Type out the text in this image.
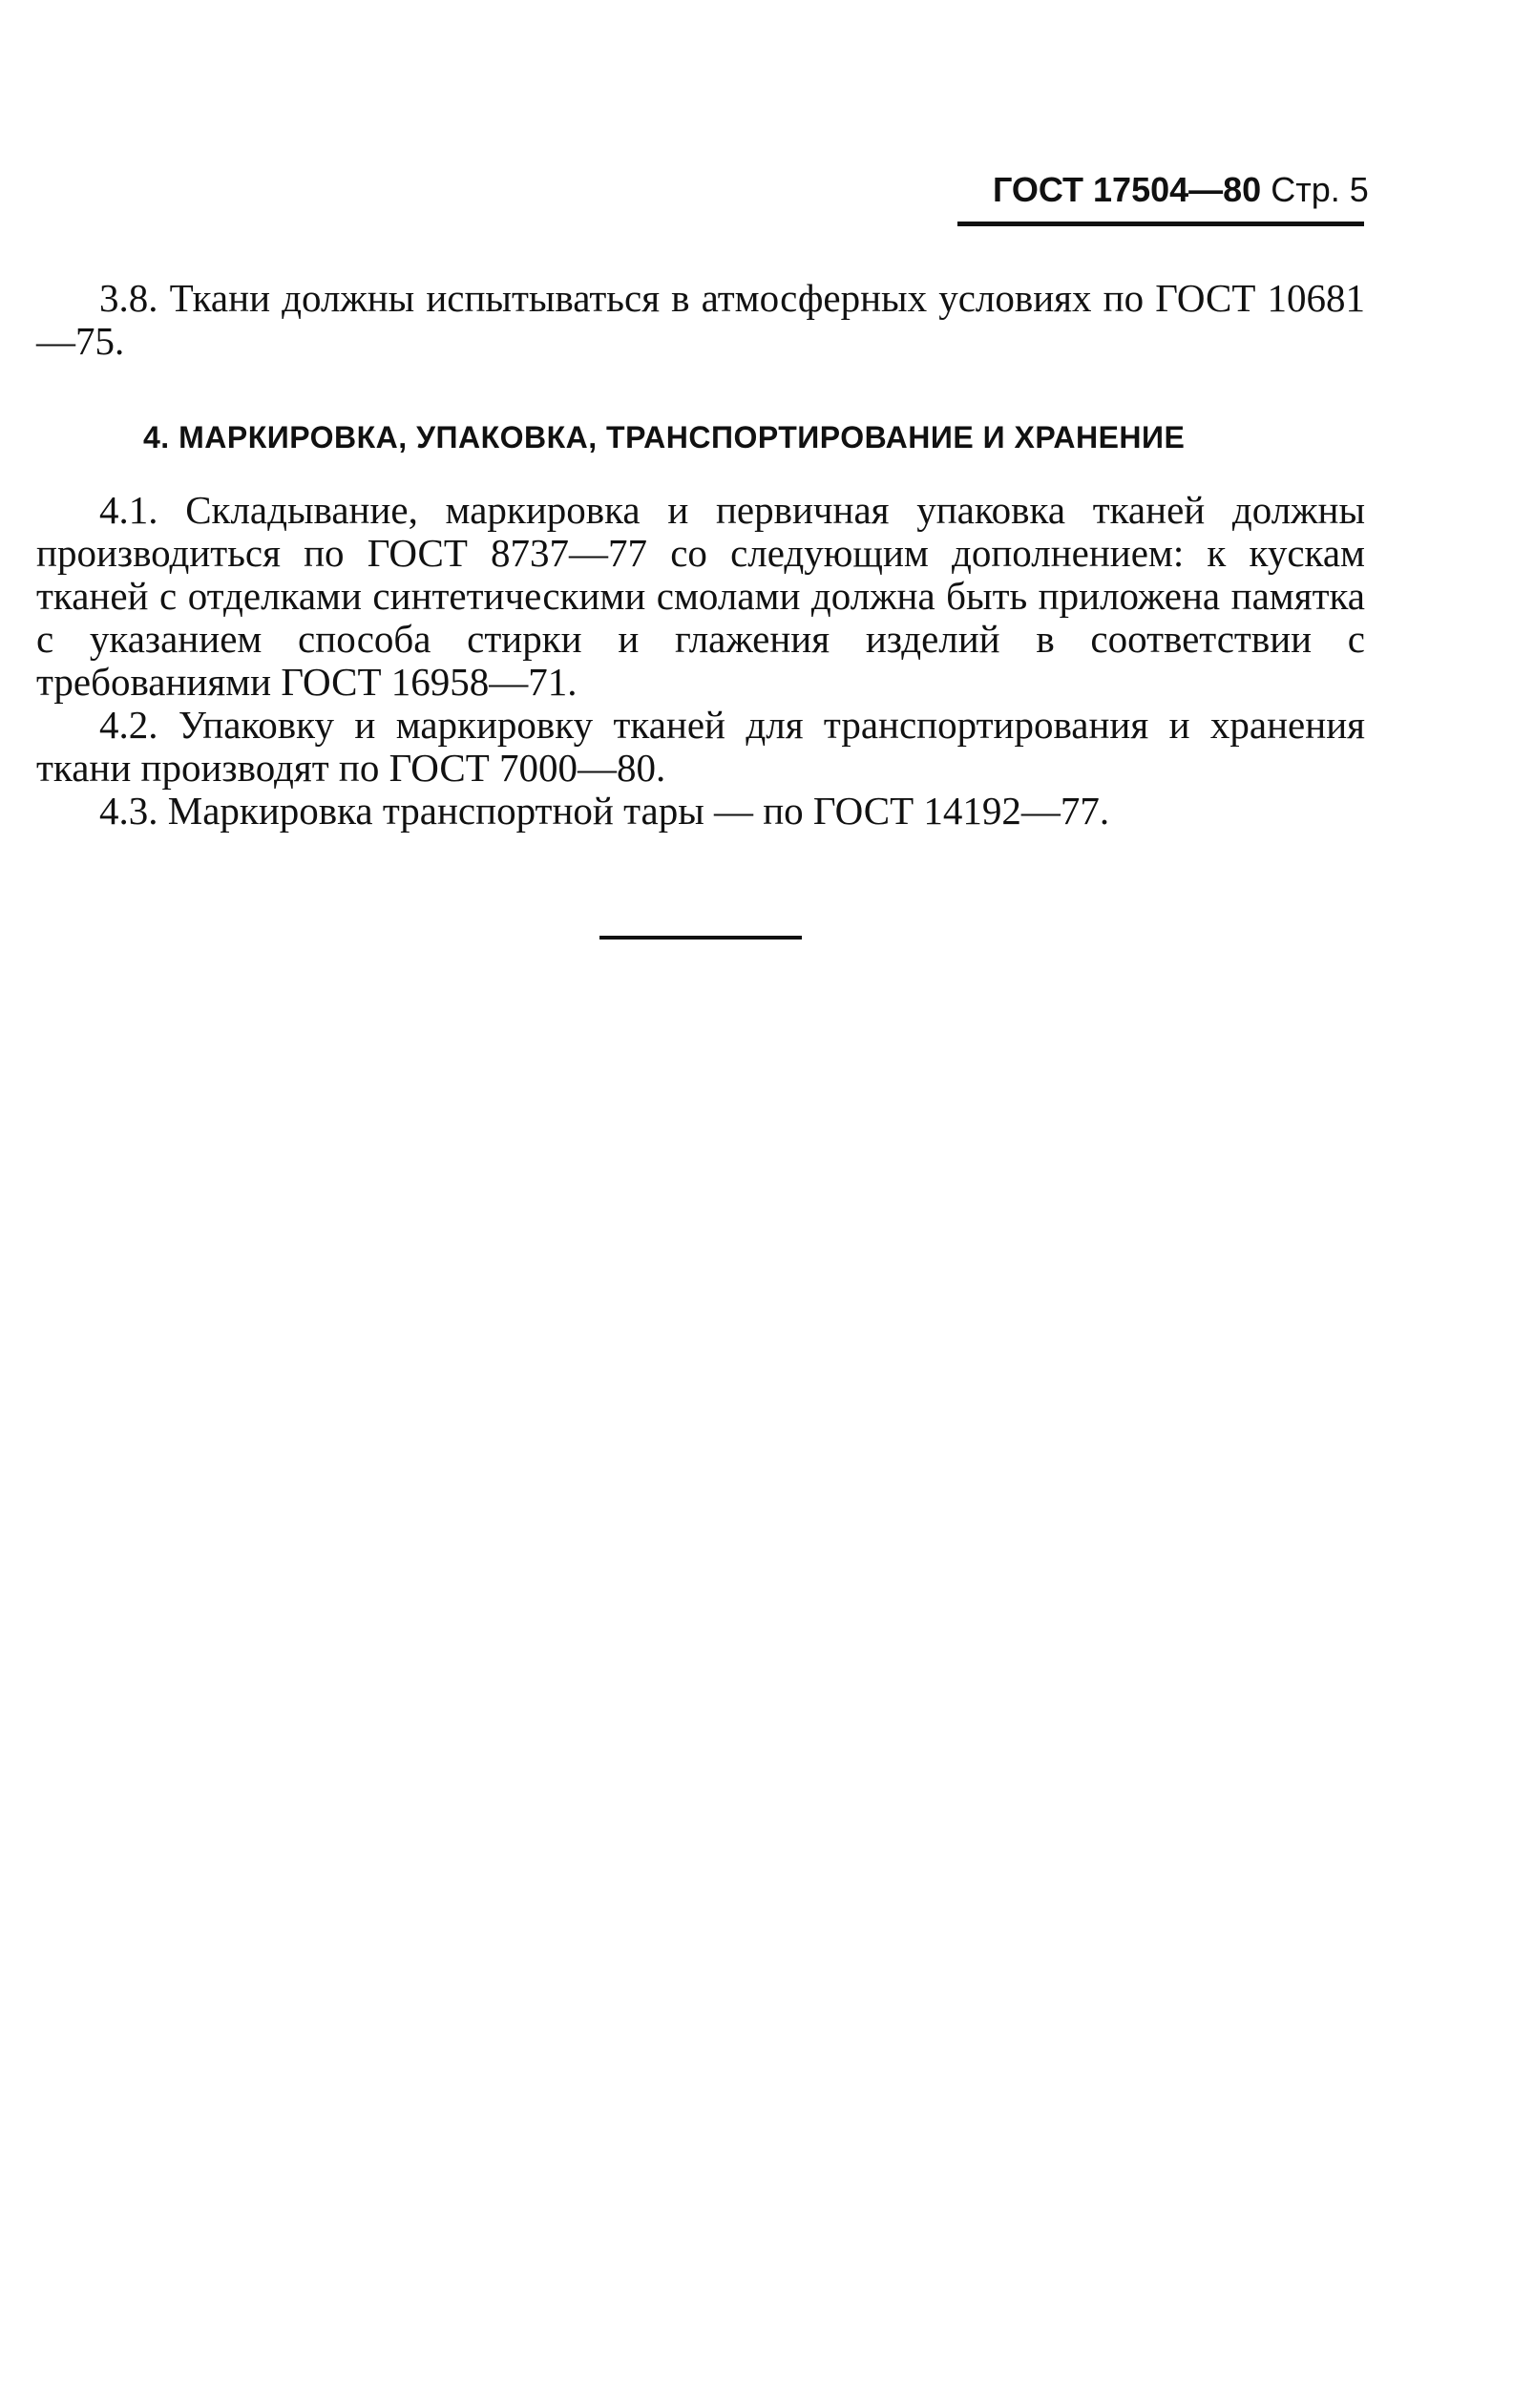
ГОСТ 17504—80 Стр. 5

3.8. Ткани должны испытываться в атмосферных условиях по ГОСТ 10681—75.

4. МАРКИРОВКА, УПАКОВКА, ТРАНСПОРТИРОВАНИЕ И ХРАНЕНИЕ

4.1. Складывание, маркировка и первичная упаковка тканей должны производиться по ГОСТ 8737—77 со следующим дополнением: к кускам тканей с отделками синтетическими смолами должна быть приложена памятка с указанием способа стирки и глажения изделий в соответствии с требованиями ГОСТ 16958—71.

4.2. Упаковку и маркировку тканей для транспортирования и хранения ткани производят по ГОСТ 7000—80.

4.3. Маркировка транспортной тары — по ГОСТ 14192—77.
